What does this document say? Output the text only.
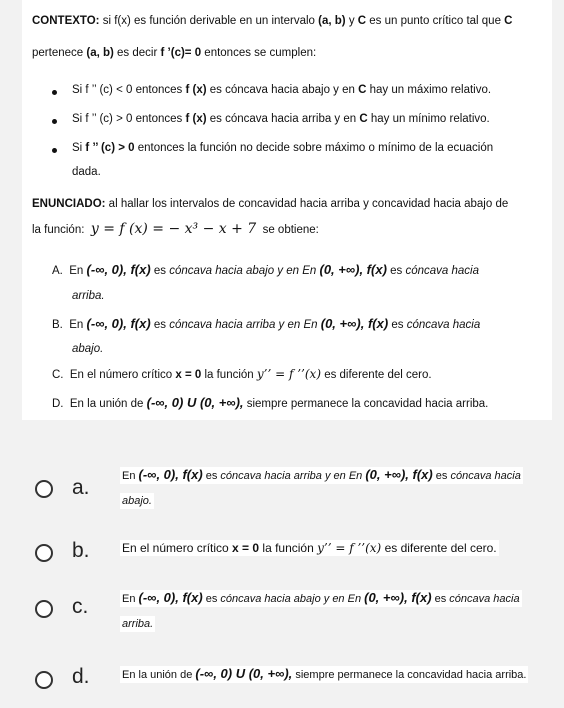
CONTEXTO: si f(x) es función derivable en un intervalo (a, b) y C es un punto crítico tal que C
pertenece (a, b) es decir f ’(c)= 0 entonces se cumplen:
Si f ’’ (c) < 0 entonces f (x) es cóncava hacia abajo y en C hay un máximo relativo.
Si f ’’ (c) > 0 entonces f (x) es cóncava hacia arriba y en C hay un mínimo relativo.
Si f ’’ (c) > 0 entonces la función no decide sobre máximo o mínimo de la ecuación
dada.
ENUNCIADO: al hallar los intervalos de concavidad hacia arriba y concavidad hacia abajo de
la función: y = f (x) = − x³ − x + 7 se obtiene:
A. En (-∞, 0), f(x) es cóncava hacia abajo y en En (0, +∞), f(x) es cóncava hacia
arriba.
B. En (-∞, 0), f(x) es cóncava hacia arriba y en En (0, +∞), f(x) es cóncava hacia
abajo.
C. En el número crítico x = 0 la función y’’ = f ’’(x) es diferente del cero.
D. En la unión de (-∞, 0) U (0, +∞), siempre permanece la concavidad hacia arriba.
a.	En (-∞, 0), f(x) es cóncava hacia arriba y en En (0, +∞), f(x) es cóncava hacia
abajo.
b.	En el número crítico x = 0 la función y’’ = f ’’(x) es diferente del cero.
c.	En (-∞, 0), f(x) es cóncava hacia abajo y en En (0, +∞), f(x) es cóncava hacia
arriba.
d.	En la unión de (-∞, 0) U (0, +∞), siempre permanece la concavidad hacia arriba.
